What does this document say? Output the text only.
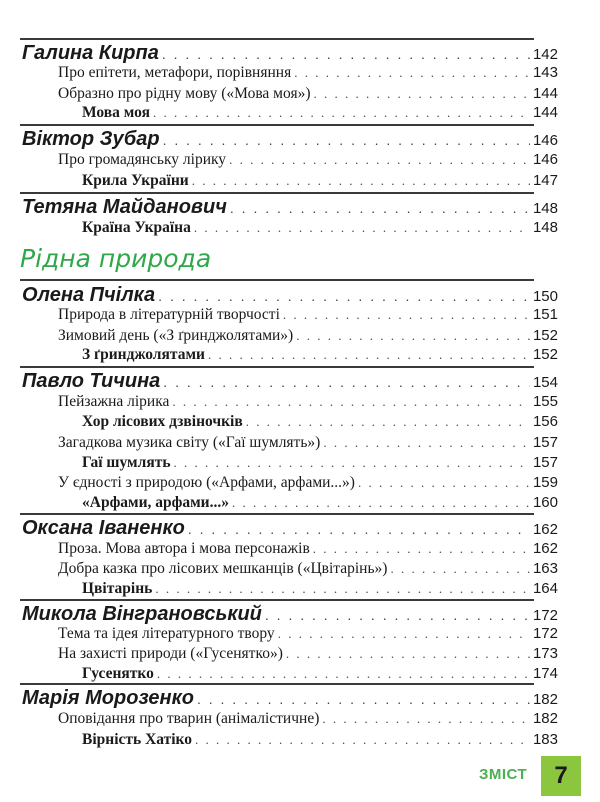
Рідна природа
ЗМІСТ 7
Галина Кирпа . . .	142
Про епітети, метафори, порівняння . . .	143
Образно про рідну мову («Мова моя») . . .	144
Мова моя . . .	144
Віктор Зубар . . .	146
Про громадянську лірику . . .	146
Крила України . . .	147
Тетяна Майданович . . .	148
Країна Україна . . .	148
Олена Пчілка . . .	150
Природа в літературній творчості . . .	151
Зимовий день («З ґринджолятами») . . .	152
З ґринджолятами . . .	152
Павло Тичина . . .	154
Пейзажна лірика . . .	155
Хор лісових дзвіночків . . .	156
Загадкова музика світу («Гаї шумлять») . . .	157
Гаї шумлять . . .	157
У єдності з природою («Арфами, арфами...») . . .	159
«Арфами, арфами...» . . .	160
Оксана Іваненко . . .	162
Проза. Мова автора і мова персонажів . . .	162
Добра казка про лісових мешканців («Цвітарінь») . . .	163
Цвітарінь . . .	164
Микола Вінграновський . . .	172
Тема та ідея літературного твору . . .	172
На захисті природи («Гусенятко») . . .	173
Гусенятко . . .	174
Марія Морозенко . . .	182
Оповідання про тварин (анімалістичне) . . .	182
Вірність Хатіко . . .	183
